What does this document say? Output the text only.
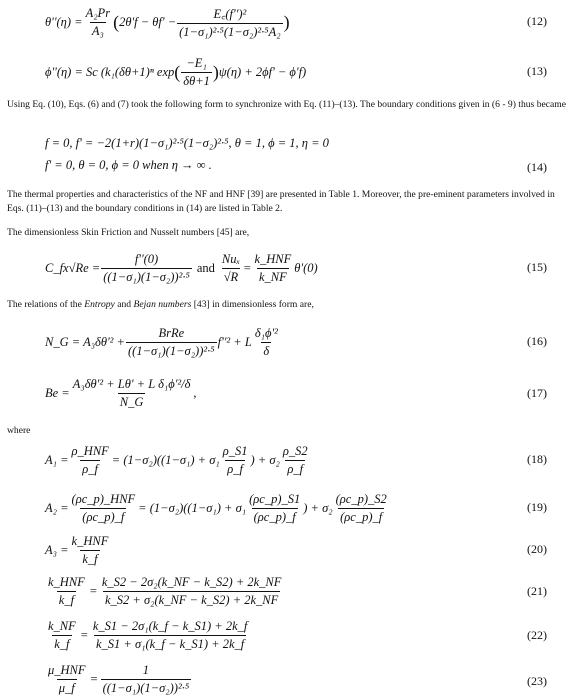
$\theta''(\eta) = \frac{\text{A₂Pr}}{\text{A₃}}$ ( $2\theta'f - \theta f' - \frac{\text{E꜀(f'')²}}{\text{(1−σ₁)²·⁵(1−σ₂)²·⁵A₂}}$ )	(12)
ϕ''(η) = Sc (k₁(δθ+1)ⁿ exp ( $\frac{\text{−E₁}}{\delta\theta+1}$ ) ψ(η) + 2ϕf' − ϕ'f)	(13)
Using Eq. (10), Eqs. (6) and (7) took the following form to synchronize with Eq. (11)–(13). The boundary conditions given in (6 - 9) thus became
f = 0, f' = −2(1+r)(1−σ₁)²·⁵(1−σ₂)²·⁵, θ = 1, ϕ = 1, η = 0
f' = 0, θ = 0, ϕ = 0 when η → ∞ .	(14)
The thermal properties and characteristics of the NF and HNF [39] are presented in Table 1. Moreover, the pre-eminent parameters involved in Eqs. (11)–(13) and the boundary conditions in (14) are listed in Table 2.
The dimensionless Skin Friction and Nusselt numbers [45] are,
C_fx√Re = $\frac{f''(0)}{\text{((1−σ₁)(1−σ₂))²·⁵}}$ and $\frac{\text{Nuₓ}}{√R} = \frac{\text{k\_HNF}}{k\_NF} \theta'(0)$	(15)
The relations of the Entropy and Bejan numbers [43] in dimensionless form are,
N_G = $A_3\delta\theta'^2 + \frac{\text{BrRe}}{\text{((1−σ₁)(1−σ₂))²·⁵}} f''^2 + L \frac{\text{δ₁ϕ'²}}{\delta}$	(16)
$Be = \frac{\text{A₃δθ'² + Lθ' + L δ₁ϕ'²/δ}}{N\_G}$ ,	(17)
where
$A_1 = \frac{\text{ρ\_HNF}}{\rho\_f} = (1-\sigma_2)((1-\sigma_1) + \sigma_1 \frac{\rho\_S1}{\rho\_f}$ ) + $\sigma_2 \frac{\rho\_S2}{\rho\_f}$	(18)
$A_2 = \frac{\text{(ρc\_p)\_HNF}}{(\rho c\_p)\_f} = (1-\sigma_2)((1-\sigma_1) + \sigma_1 \frac{(\rho c\_p)\_S1}{(\rho c\_p)\_f}$ ) + $\sigma_2 \frac{(\rho c\_p)\_S2}{(\rho c\_p)\_f}$	(19)
$A_3 = \frac{\text{k\_HNF}}{k\_f}$	(20)
$\frac{\text{k\_HNF}}{k\_f} = \frac{\text{k\_S2 − 2σ₂(k\_NF − k\_S2) + 2k\_NF}}{\text{k\_S2 + σ₂(k\_NF − k\_S2) + 2k\_NF}}$	(21)
$\frac{k\_NF}{k\_f} = \frac{\text{k\_S1 − 2σ₁(k\_f − k\_S1) + 2k\_f}}{\text{k\_S1 + σ₁(k\_f − k\_S1) + 2k\_f}}$	(22)
$\frac{\text{μ\_HNF}}{\mu\_f} = \frac{1}{\text{((1−σ₁)(1−σ₂))²·⁵}}$	(23)
